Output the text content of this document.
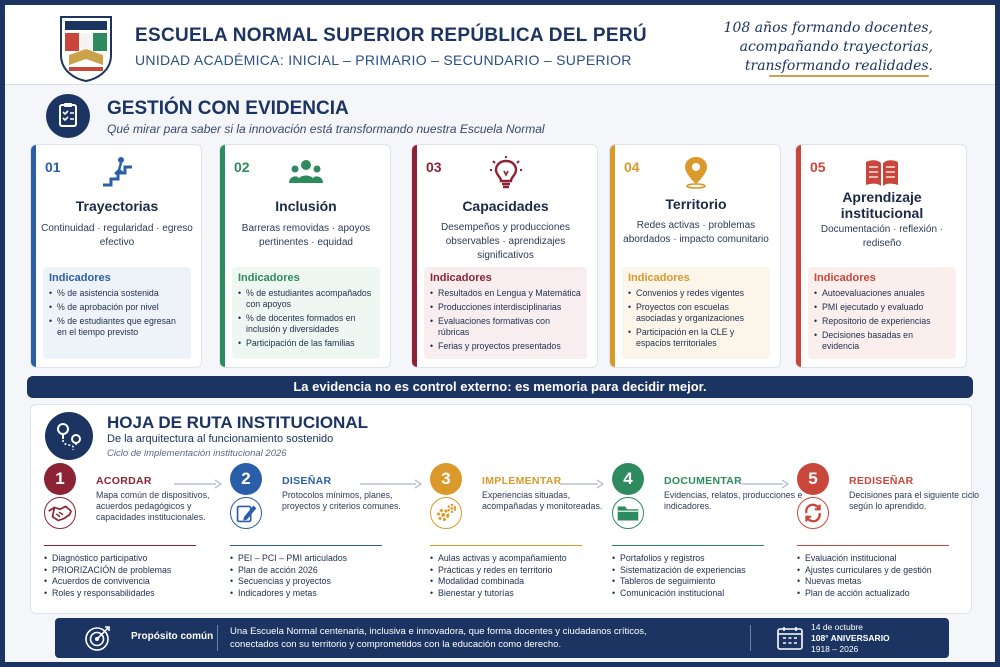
ESCUELA NORMAL SUPERIOR REPÚBLICA DEL PERÚ
UNIDAD ACADÉMICA: INICIAL – PRIMARIO – SECUNDARIO – SUPERIOR
108 años formando docentes,
acompañando trayectorias,
transformando realidades.
GESTIÓN CON EVIDENCIA
Qué mirar para saber si la innovación está transformando nuestra Escuela Normal
01
Trayectorias
Continuidad · regularidad · egreso efectivo
Indicadores
• % de asistencia sostenida
• % de aprobación por nivel
• % de estudiantes que egresan en el tiempo previsto
02
Inclusión
Barreras removidas · apoyos pertinentes · equidad
Indicadores
• % de estudiantes acompañados con apoyos
• % de docentes formados en inclusión y diversidades
• Participación de las familias
03
Capacidades
Desempeños y producciones observables · aprendizajes significativos
Indicadores
• Resultados en Lengua y Matemática
• Producciones interdisciplinarias
• Evaluaciones formativas con rúbricas
• Ferias y proyectos presentados
04
Territorio
Redes activas · problemas abordados · impacto comunitario
Indicadores
• Convenios y redes vigentes
• Proyectos con escuelas asociadas y organizaciones
• Participación en la CLE y espacios territoriales
05
Aprendizaje institucional
Documentación · reflexión · rediseño
Indicadores
• Autoevaluaciones anuales
• PMI ejecutado y evaluado
• Repositorio de experiencias
• Decisiones basadas en evidencia
La evidencia no es control externo: es memoria para decidir mejor.
HOJA DE RUTA INSTITUCIONAL
De la arquitectura al funcionamiento sostenido
Ciclo de implementación institucional 2026
1	ACORDAR
Mapa común de dispositivos, acuerdos pedagógicos y capacidades institucionales.
• Diagnóstico participativo
• PRIORIZACIÓN de problemas
• Acuerdos de convivencia
• Roles y responsabilidades
2	DISEÑAR
Protocolos mínimos, planes, proyectos y criterios comunes.
• PEI – PCI – PMI articulados
• Plan de acción 2026
• Secuencias y proyectos
• Indicadores y metas
3	IMPLEMENTAR
Experiencias situadas, acompañadas y monitoreadas.
• Aulas activas y acompañamiento
• Prácticas y redes en territorio
• Modalidad combinada
• Bienestar y tutorías
4	DOCUMENTAR
Evidencias, relatos, producciones e indicadores.
• Portafolios y registros
• Sistematización de experiencias
• Tableros de seguimiento
• Comunicación institucional
5	REDISEÑAR
Decisiones para el siguiente ciclo según lo aprendido.
• Evaluación institucional
• Ajustes curriculares y de gestión
• Nuevas metas
• Plan de acción actualizado
Propósito común Una Escuela Normal centenaria, inclusiva e innovadora, que forma docentes y ciudadanos críticos, conectados con su territorio y comprometidos con la educación como derecho.
14 de octubre
108° ANIVERSARIO
1918 – 2026
